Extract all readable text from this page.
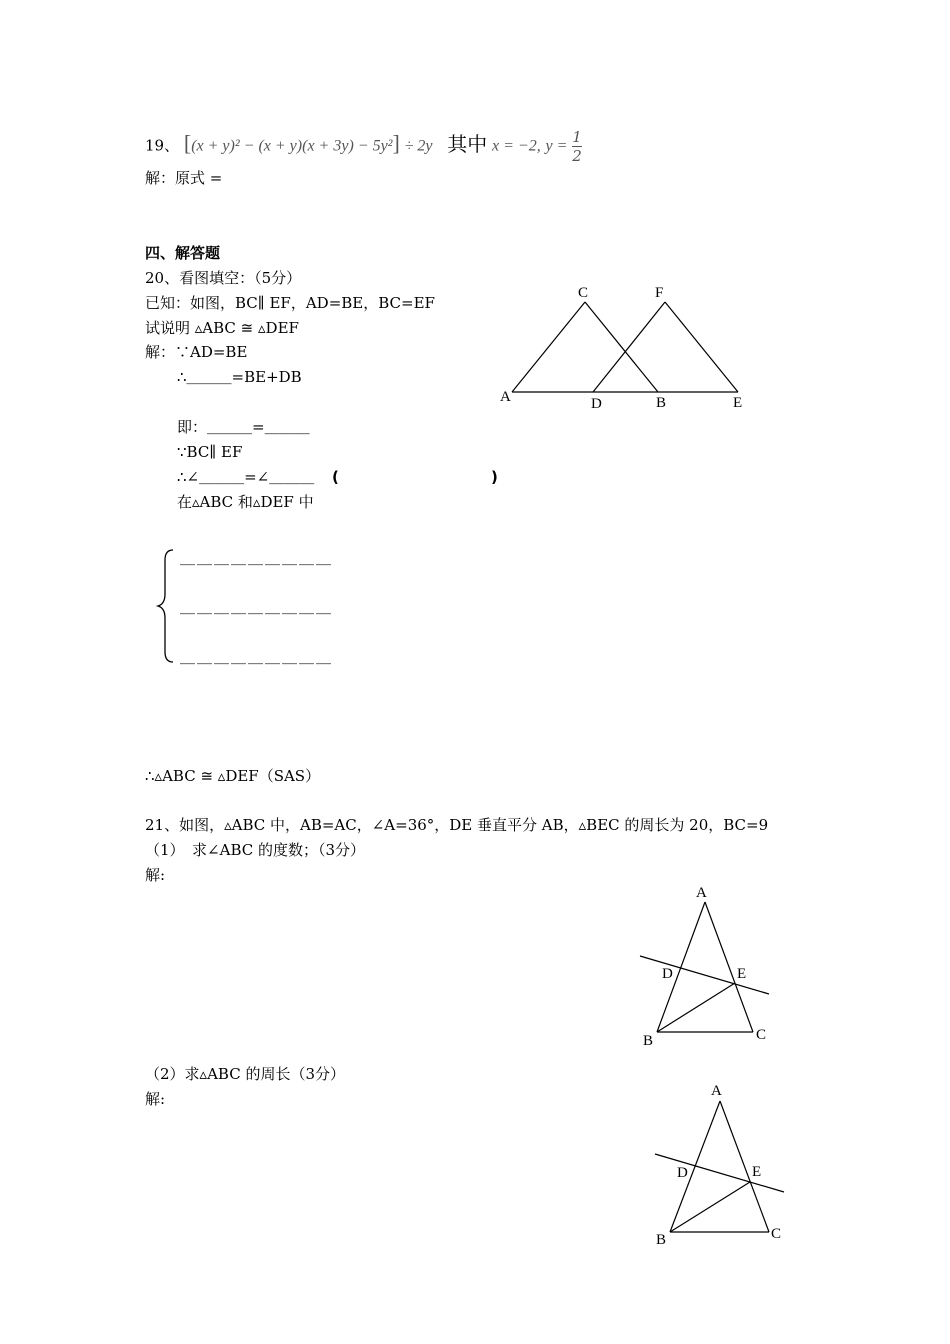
19、 [(x + y)² − (x + y)(x + 3y) − 5y²] ÷ 2y 其中 x = −2, $y = \frac{1}{2}$
解：原式 =
四、解答题
20、看图填空：（5分）
已知：如图，BC∥ EF，AD=BE，BC=EF
试说明 ▵ABC ≅ ▵DEF
解：∵AD=BE
∴＿＿＿=BE+DB
即：＿＿＿=＿＿＿
∵BC∥ EF
∴∠＿＿＿=∠＿＿＿ (	)
在▵ABC 和▵DEF 中
＿＿＿＿＿＿＿＿＿
＿＿＿＿＿＿＿＿＿
＿＿＿＿＿＿＿＿＿
∴▵ABC ≅ ▵DEF（SAS）
C	F
A	D	B	E
21、如图，▵ABC 中，AB=AC，∠A=36°，DE 垂直平分 AB，▵BEC 的周长为 20，BC=9
（1）　求∠ABC 的度数；（3分）
解:
A
D	E
B	C
（2）求▵ABC 的周长（3分）
解:	A
D	E
B	C
